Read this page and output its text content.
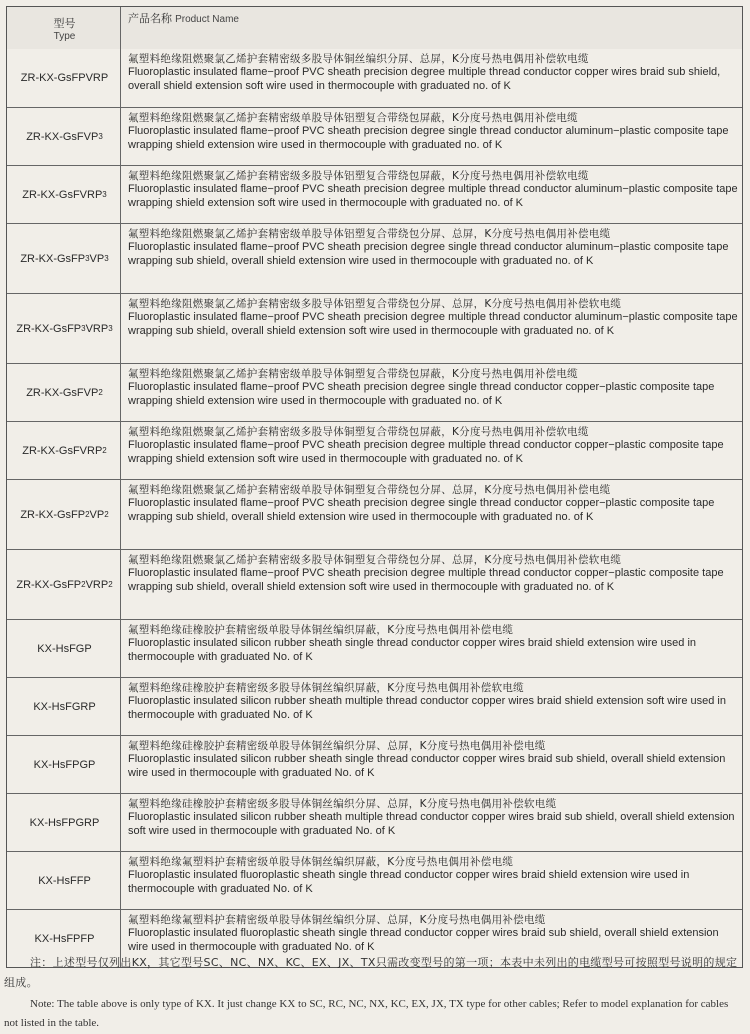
型号
Type
产品名称 Product Name
ZR-KX-GsFPVRP
氟塑料绝缘阻燃聚氯乙烯护套精密级多股导体铜丝编织分屏、总屏，K分度号热电偶用补偿软电缆
Fluoroplastic insulated flame−proof PVC sheath precision degree multiple thread conductor copper wires braid sub shield, overall shield extension soft wire used in thermocouple with graduated no. of K
ZR-KX-GsFVP 3
氟塑料绝缘阻燃聚氯乙烯护套精密级单股导体铝塑复合带绕包屏蔽，K分度号热电偶用补偿电缆
Fluoroplastic insulated flame−proof PVC sheath precision degree single thread conductor aluminum−plastic composite tape wrapping shield extension wire used in thermocouple with graduated no. of K
ZR-KX-GsFVRP 3
氟塑料绝缘阻燃聚氯乙烯护套精密级多股导体铝塑复合带绕包屏蔽，K分度号热电偶用补偿软电缆
Fluoroplastic insulated flame−proof PVC sheath precision degree multiple thread conductor aluminum−plastic composite tape wrapping shield extension soft wire used in thermocouple with graduated no. of K
ZR-KX-GsFP 3 VP 3
氟塑料绝缘阻燃聚氯乙烯护套精密级单股导体铝塑复合带绕包分屏、总屏，K分度号热电偶用补偿电缆
Fluoroplastic insulated flame−proof PVC sheath precision degree single thread conductor aluminum−plastic composite tape wrapping sub shield, overall shield extension wire used in thermocouple with graduated no. of K
ZR-KX-GsFP 3 VRP 3
氟塑料绝缘阻燃聚氯乙烯护套精密级多股导体铝塑复合带绕包分屏、总屏，K分度号热电偶用补偿软电缆
Fluoroplastic insulated flame−proof PVC sheath precision degree multiple thread conductor aluminum−plastic composite tape wrapping sub shield, overall shield extension soft wire used in thermocouple with graduated no. of K
ZR-KX-GsFVP 2
氟塑料绝缘阻燃聚氯乙烯护套精密级单股导体铜塑复合带绕包屏蔽，K分度号热电偶用补偿电缆
Fluoroplastic insulated flame−proof PVC sheath precision degree single thread conductor copper−plastic composite tape wrapping shield extension wire used in thermocouple with graduated no. of K
ZR-KX-GsFVRP 2
氟塑料绝缘阻燃聚氯乙烯护套精密级多股导体铜塑复合带绕包屏蔽，K分度号热电偶用补偿软电缆
Fluoroplastic insulated flame−proof PVC sheath precision degree multiple thread conductor copper−plastic composite tape wrapping shield extension soft wire used in thermocouple with graduated no. of K
ZR-KX-GsFP 2 VP 2
氟塑料绝缘阻燃聚氯乙烯护套精密级单股导体铜塑复合带绕包分屏、总屏，K分度号热电偶用补偿电缆
Fluoroplastic insulated flame−proof PVC sheath precision degree single thread conductor copper−plastic composite tape wrapping sub shield, overall shield extension wire used in thermocouple with graduated no. of K
ZR-KX-GsFP 2 VRP 2
氟塑料绝缘阻燃聚氯乙烯护套精密级多股导体铜塑复合带绕包分屏、总屏，K分度号热电偶用补偿软电缆
Fluoroplastic insulated flame−proof PVC sheath precision degree multiple thread conductor copper−plastic composite tape wrapping sub shield, overall shield extension soft wire used in thermocouple with graduated no. of K
KX-HsFGP
氟塑料绝缘硅橡胶护套精密级单股导体铜丝编织屏蔽，K分度号热电偶用补偿电缆
Fluoroplastic insulated silicon rubber sheath single thread conductor copper wires braid shield extension wire used in thermocouple with graduated No. of K
KX-HsFGRP
氟塑料绝缘硅橡胶护套精密级多股导体铜丝编织屏蔽，K分度号热电偶用补偿软电缆
Fluoroplastic insulated silicon rubber sheath multiple thread conductor copper wires braid shield extension soft wire used in thermocouple with graduated No. of K
KX-HsFPGP
氟塑料绝缘硅橡胶护套精密级单股导体铜丝编织分屏、总屏，K分度号热电偶用补偿电缆
Fluoroplastic insulated silicon rubber sheath single thread conductor copper wires braid sub shield, overall shield extension wire used in thermocouple with graduated No. of K
KX-HsFPGRP
氟塑料绝缘硅橡胶护套精密级多股导体铜丝编织分屏、总屏，K分度号热电偶用补偿软电缆
Fluoroplastic insulated silicon rubber sheath multiple thread conductor copper wires braid sub shield, overall shield extension soft wire used in thermocouple with graduated No. of K
KX-HsFFP
氟塑料绝缘氟塑料护套精密级单股导体铜丝编织屏蔽，K分度号热电偶用补偿电缆
Fluoroplastic insulated fluoroplastic sheath single thread conductor copper wires braid shield extension wire used in thermocouple with graduated No. of K
KX-HsFPFP
氟塑料绝缘氟塑料护套精密级单股导体铜丝编织分屏、总屏，K分度号热电偶用补偿电缆
Fluoroplastic insulated fluoroplastic sheath single thread conductor copper wires braid sub shield, overall shield extension wire used in thermocouple with graduated No. of K
注：上述型号仅列出KX，其它型号SC、NC、NX、KC、EX、JX、TX只需改变型号的第一项；本表中未列出的电缆型号可按照型号说明的规定组成。
Note: The table above is only type of KX. It just change KX to SC, RC, NC, NX, KC, EX, JX, TX type for other cables; Refer to model explanation for cables not listed in the table.
